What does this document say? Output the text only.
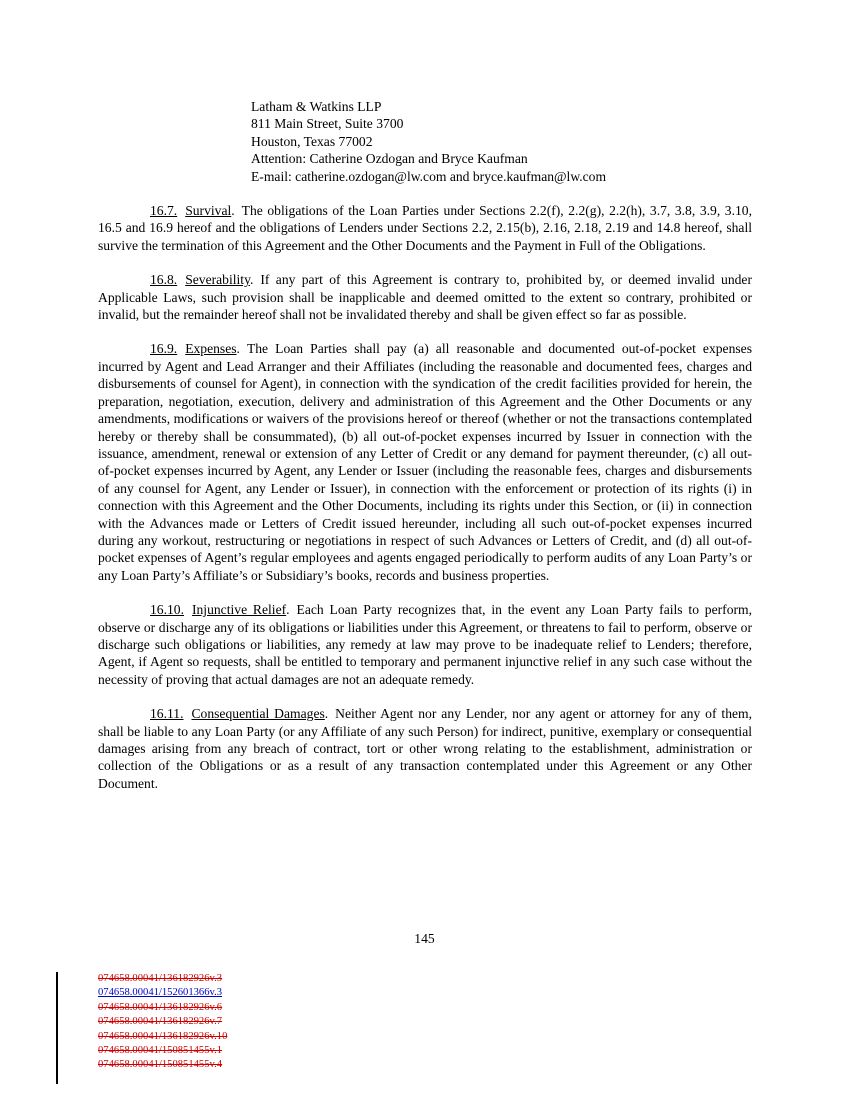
Latham & Watkins LLP
811 Main Street, Suite 3700
Houston, Texas 77002
Attention: Catherine Ozdogan and Bryce Kaufman
E-mail: catherine.ozdogan@lw.com and bryce.kaufman@lw.com

16.7. Survival. The obligations of the Loan Parties under Sections 2.2(f), 2.2(g), 2.2(h), 3.7, 3.8, 3.9, 3.10, 16.5 and 16.9 hereof and the obligations of Lenders under Sections 2.2, 2.15(b), 2.16, 2.18, 2.19 and 14.8 hereof, shall survive the termination of this Agreement and the Other Documents and the Payment in Full of the Obligations.

16.8. Severability. If any part of this Agreement is contrary to, prohibited by, or deemed invalid under Applicable Laws, such provision shall be inapplicable and deemed omitted to the extent so contrary, prohibited or invalid, but the remainder hereof shall not be invalidated thereby and shall be given effect so far as possible.

16.9. Expenses. The Loan Parties shall pay (a) all reasonable and documented out-of-pocket expenses incurred by Agent and Lead Arranger and their Affiliates (including the reasonable and documented fees, charges and disbursements of counsel for Agent), in connection with the syndication of the credit facilities provided for herein, the preparation, negotiation, execution, delivery and administration of this Agreement and the Other Documents or any amendments, modifications or waivers of the provisions hereof or thereof (whether or not the transactions contemplated hereby or thereby shall be consummated), (b) all out-of-pocket expenses incurred by Issuer in connection with the issuance, amendment, renewal or extension of any Letter of Credit or any demand for payment thereunder, (c) all out-of-pocket expenses incurred by Agent, any Lender or Issuer (including the reasonable fees, charges and disbursements of any counsel for Agent, any Lender or Issuer), in connection with the enforcement or protection of its rights (i) in connection with this Agreement and the Other Documents, including its rights under this Section, or (ii) in connection with the Advances made or Letters of Credit issued hereunder, including all such out-of-pocket expenses incurred during any workout, restructuring or negotiations in respect of such Advances or Letters of Credit, and (d) all out-of-pocket expenses of Agent’s regular employees and agents engaged periodically to perform audits of any Loan Party’s or any Loan Party’s Affiliate’s or Subsidiary’s books, records and business properties.

16.10. Injunctive Relief. Each Loan Party recognizes that, in the event any Loan Party fails to perform, observe or discharge any of its obligations or liabilities under this Agreement, or threatens to fail to perform, observe or discharge such obligations or liabilities, any remedy at law may prove to be inadequate relief to Lenders; therefore, Agent, if Agent so requests, shall be entitled to temporary and permanent injunctive relief in any such case without the necessity of proving that actual damages are not an adequate remedy.

16.11. Consequential Damages. Neither Agent nor any Lender, nor any agent or attorney for any of them, shall be liable to any Loan Party (or any Affiliate of any such Person) for indirect, punitive, exemplary or consequential damages arising from any breach of contract, tort or other wrong relating to the establishment, administration or collection of the Obligations or as a result of any transaction contemplated under this Agreement or any Other Document.

145
074658.00041/136182926v.3
074658.00041/152601366v.3
074658.00041/136182926v.6
074658.00041/136182926v.7
074658.00041/136182926v.10
074658.00041/150851455v.1
074658.00041/150851455v.4
